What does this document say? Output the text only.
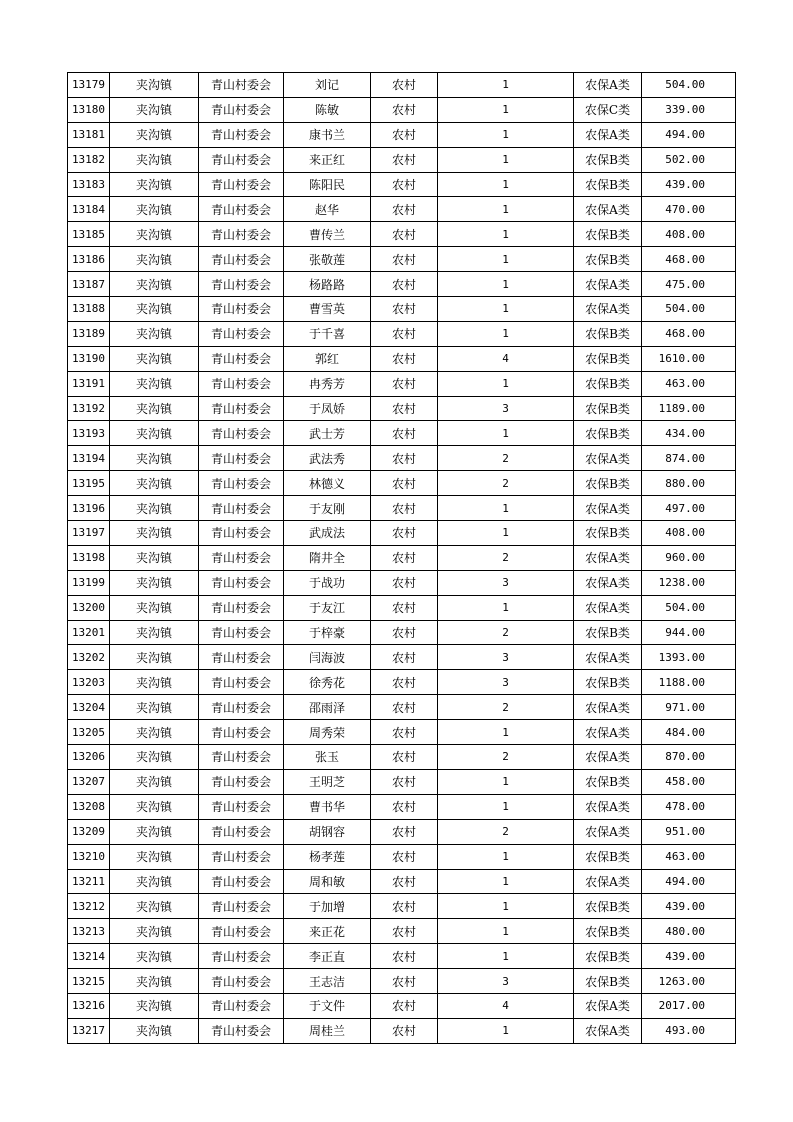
13179	夹沟镇	青山村委会	刘记	农村	1	农保A类	504.00
13180	夹沟镇	青山村委会	陈敏	农村	1	农保C类	339.00
13181	夹沟镇	青山村委会	康书兰	农村	1	农保A类	494.00
13182	夹沟镇	青山村委会	来正红	农村	1	农保B类	502.00
13183	夹沟镇	青山村委会	陈阳民	农村	1	农保B类	439.00
13184	夹沟镇	青山村委会	赵华	农村	1	农保A类	470.00
13185	夹沟镇	青山村委会	曹传兰	农村	1	农保B类	408.00
13186	夹沟镇	青山村委会	张敬莲	农村	1	农保B类	468.00
13187	夹沟镇	青山村委会	杨路路	农村	1	农保A类	475.00
13188	夹沟镇	青山村委会	曹雪英	农村	1	农保A类	504.00
13189	夹沟镇	青山村委会	于千喜	农村	1	农保B类	468.00
13190	夹沟镇	青山村委会	郭红	农村	4	农保B类	1610.00
13191	夹沟镇	青山村委会	冉秀芳	农村	1	农保B类	463.00
13192	夹沟镇	青山村委会	于凤娇	农村	3	农保B类	1189.00
13193	夹沟镇	青山村委会	武士芳	农村	1	农保B类	434.00
13194	夹沟镇	青山村委会	武法秀	农村	2	农保A类	874.00
13195	夹沟镇	青山村委会	林德义	农村	2	农保B类	880.00
13196	夹沟镇	青山村委会	于友刚	农村	1	农保A类	497.00
13197	夹沟镇	青山村委会	武成法	农村	1	农保B类	408.00
13198	夹沟镇	青山村委会	隋井全	农村	2	农保A类	960.00
13199	夹沟镇	青山村委会	于战功	农村	3	农保A类	1238.00
13200	夹沟镇	青山村委会	于友江	农村	1	农保A类	504.00
13201	夹沟镇	青山村委会	于梓豪	农村	2	农保B类	944.00
13202	夹沟镇	青山村委会	闫海波	农村	3	农保A类	1393.00
13203	夹沟镇	青山村委会	徐秀花	农村	3	农保B类	1188.00
13204	夹沟镇	青山村委会	邵雨泽	农村	2	农保A类	971.00
13205	夹沟镇	青山村委会	周秀荣	农村	1	农保A类	484.00
13206	夹沟镇	青山村委会	张玉	农村	2	农保A类	870.00
13207	夹沟镇	青山村委会	王明芝	农村	1	农保B类	458.00
13208	夹沟镇	青山村委会	曹书华	农村	1	农保A类	478.00
13209	夹沟镇	青山村委会	胡钢容	农村	2	农保A类	951.00
13210	夹沟镇	青山村委会	杨孝莲	农村	1	农保B类	463.00
13211	夹沟镇	青山村委会	周和敏	农村	1	农保A类	494.00
13212	夹沟镇	青山村委会	于加增	农村	1	农保B类	439.00
13213	夹沟镇	青山村委会	来正花	农村	1	农保B类	480.00
13214	夹沟镇	青山村委会	李正直	农村	1	农保B类	439.00
13215	夹沟镇	青山村委会	王志洁	农村	3	农保B类	1263.00
13216	夹沟镇	青山村委会	于文件	农村	4	农保A类	2017.00
13217	夹沟镇	青山村委会	周桂兰	农村	1	农保A类	493.00
